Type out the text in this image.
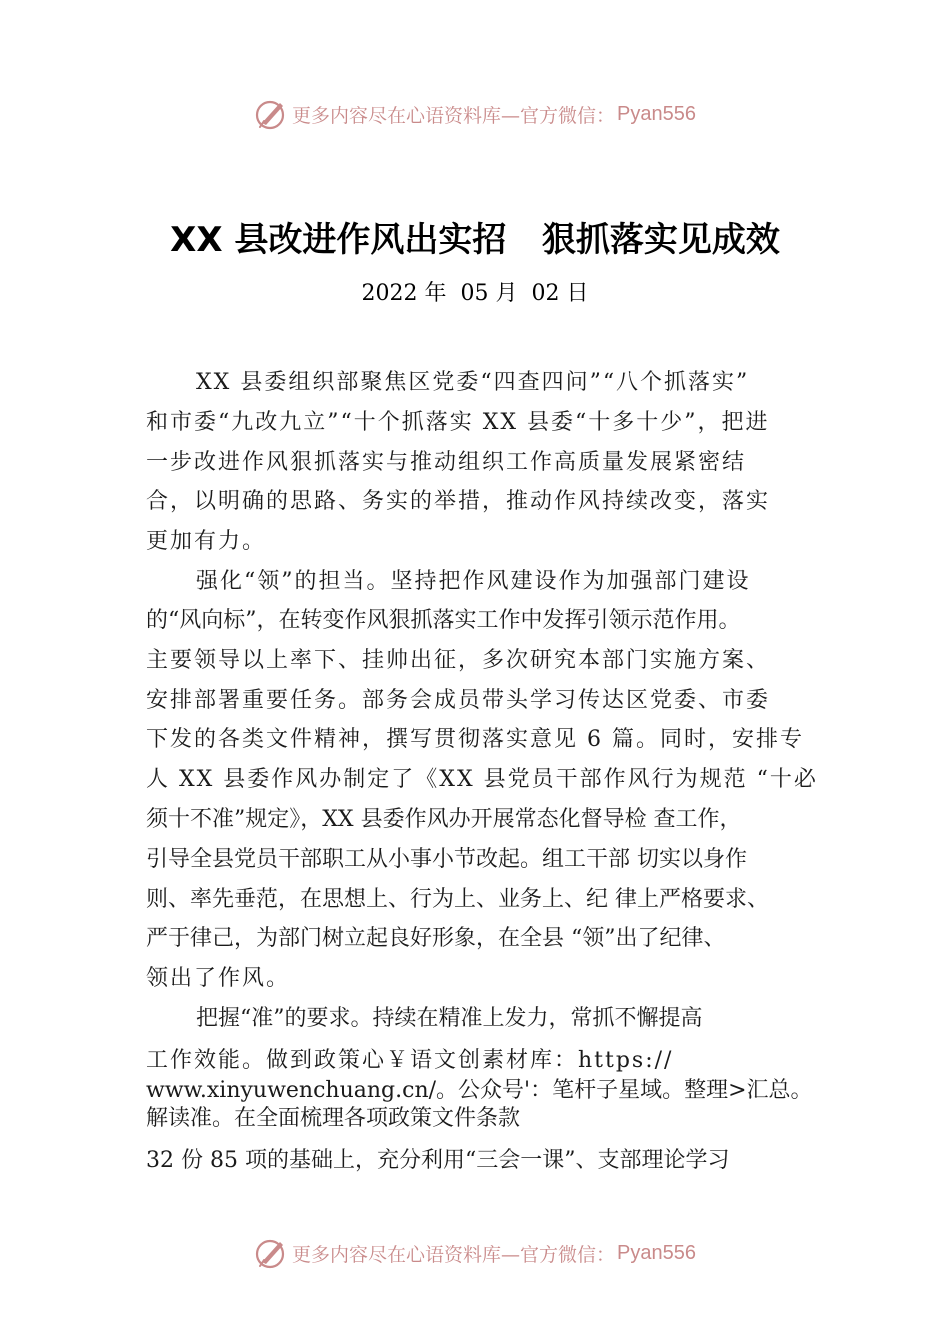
更多内容尽在心语资料库—官方微信： Pyan556
XX 县改进作风出实招   狠抓落实见成效
2022 年  05 月  02 日
XX 县委组织部聚焦区党委“四查四问”“八个抓落实”
和市委“九改九立”“十个抓落实 XX 县委“十多十少”，把进
一步改进作风狠抓落实与推动组织工作高质量发展紧密结
合，以明确的思路、务实的举措，推动作风持续改变，落实
更加有力。
强化“领”的担当。坚持把作风建设作为加强部门建设
的“风向标”，在转变作风狠抓落实工作中发挥引领示范作用。
主要领导以上率下、挂帅出征，多次研究本部门实施方案、
安排部署重要任务。部务会成员带头学习传达区党委、市委
下发的各类文件精神，撰写贯彻落实意见 6 篇。同时，安排专
人 XX 县委作风办制定了《XX 县党员干部作风行为规范 “十必
须十不准”规定》，XX 县委作风办开展常态化督导检 查工作，
引导全县党员干部职工从小事小节改起。组工干部 切实以身作
则、率先垂范，在思想上、行为上、业务上、纪 律上严格要求、
严于律己，为部门树立起良好形象，在全县 “领”出了纪律、
领出了作风。
把握“准”的要求。持续在精准上发力，常抓不懈提高
工作效能。做到政策心￥语文创素材库：https://
www.xinyuwenchuang.cn/。公众号'：笔杆子星域。整理>汇总。
解读准。在全面梳理各项政策文件条款
32 份 85 项的基础上，充分利用“三会一课”、支部理论学习
更多内容尽在心语资料库—官方微信： Pyan556
